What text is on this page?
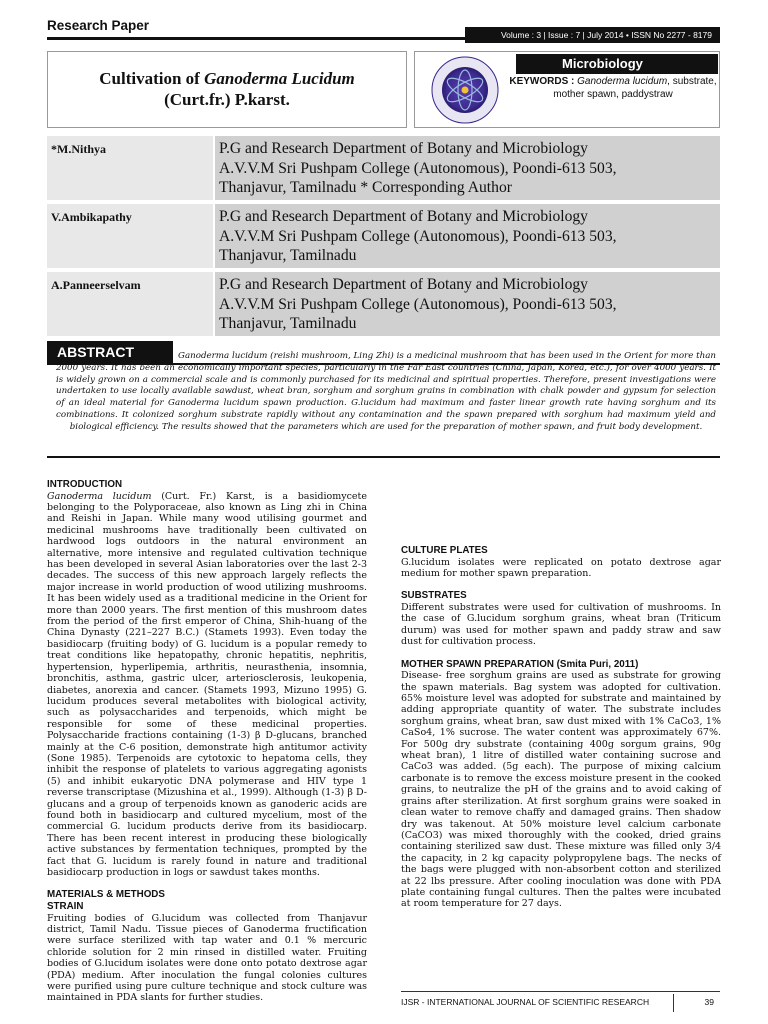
Research Paper
Volume : 3 | Issue : 7 | July 2014 • ISSN No 2277 - 8179
Cultivation of Ganoderma Lucidum
(Curt.fr.) P.karst.
Microbiology
KEYWORDS : Ganoderma lucidum, substrate, mother spawn, paddystraw
*M.Nithya	P.G and Research Department of Botany and Microbiology
A.V.V.M Sri Pushpam College (Autonomous), Poondi-613 503,
Thanjavur, Tamilnadu * Corresponding Author
V.Ambikapathy	P.G and Research Department of Botany and Microbiology
A.V.V.M Sri Pushpam College (Autonomous), Poondi-613 503,
Thanjavur, Tamilnadu
A.Panneerselvam	P.G and Research Department of Botany and Microbiology
A.V.V.M Sri Pushpam College (Autonomous), Poondi-613 503,
Thanjavur, Tamilnadu
ABSTRACT	Ganoderma lucidum (reishi mushroom, Ling Zhi) is a medicinal mushroom that has been used in the Orient for more than 2000 years. It has been an economically important species, particularly in the Far East countries (China, Japan, Korea, etc.), for over 4000 years. It is widely grown on a commercial scale and is commonly purchased for its medicinal and spiritual properties. Therefore, present investigations were undertaken to use locally available sawdust, wheat bran, sorghum and sorghum grains in combination with chalk powder and gypsum for selection of an ideal material for Ganoderma lucidum spawn production. G.lucidum had maximum and faster linear growth rate having sorghum and its combinations. It colonized sorghum substrate rapidly without any contamination and the spawn prepared with sorghum had maximum yield and biological efficiency. The results showed that the parameters which are used for the preparation of mother spawn, and fruit body development.
INTRODUCTION

Ganoderma lucidum (Curt. Fr.) Karst, is a basidiomycete belonging to the Polyporaceae, also known as Ling zhi in China and Reishi in Japan. While many wood utilising gourmet and medicinal mushrooms have traditionally been cultivated on hardwood logs outdoors in the natural environment an alternative, more intensive and regulated cultivation technique has been developed in several Asian laboratories over the last 2-3 decades. The success of this new approach largely reflects the major increase in world production of wood utilizing mushrooms. It has been widely used as a traditional medicine in the Orient for more than 2000 years. The first mention of this mushroom dates from the period of the first emperor of China, Shih-huang of the China Dynasty (221–227 B.C.) (Stamets 1993). Even today the basidiocarp (fruiting body) of G. lucidum is a popular remedy to treat conditions like hepatopathy, chronic hepatitis, nephritis, hypertension, hyperlipemia, arthritis, neurasthenia, insomnia, bronchitis, asthma, gastric ulcer, arteriosclerosis, leukopenia, diabetes, anorexia and cancer. (Stamets 1993, Mizuno 1995) G. lucidum produces several metabolites with biological activity, such as polysaccharides and terpenoids, which might be responsible for some of these medicinal properties. Polysaccharide fractions containing (1-3) β D-glucans, branched mainly at the C-6 position, demonstrate high antitumor activity (Sone 1985). Terpenoids are cytotoxic to hepatoma cells, they inhibit the response of platelets to various aggregating agonists (5) and inhibit eukaryotic DNA polymerase and HIV type 1 reverse transcriptase (Mizushina et al., 1999). Although (1-3) β D-glucans and a group of terpenoids known as ganoderic acids are found both in basidiocarp and cultured mycelium, most of the commercial G. lucidum products derive from its basidiocarp. There has been recent interest in producing these biologically active substances by fermentation techniques, prompted by the fact that G. lucidum is rarely found in nature and traditional basidiocarp production in logs or sawdust takes months.

MATERIALS & METHODS
STRAIN

Fruiting bodies of G.lucidum was collected from Thanjavur district, Tamil Nadu. Tissue pieces of Ganoderma fructification were surface sterilized with tap water and 0.1 % mercuric chloride solution for 2 min rinsed in distilled water. Fruiting bodies of G.lucidum isolates were done onto potato dextrose agar (PDA) medium. After inoculation the fungal colonies cultures were purified using pure culture technique and stock culture was maintained in PDA slants for further studies.

CULTURE PLATES

G.lucidum isolates were replicated on potato dextrose agar medium for mother spawn preparation.

SUBSTRATES

Different substrates were used for cultivation of mushrooms. In the case of G.lucidum sorghum grains, wheat bran (Triticum durum) was used for mother spawn and paddy straw and saw dust for cultivation process.

MOTHER SPAWN PREPARATION (Smita Puri, 2011)

Disease- free sorghum grains are used as substrate for growing the spawn materials. Bag system was adopted for cultivation. 65% moisture level was adopted for substrate and maintained by adding appropriate quantity of water. The substrate includes sorghum grains, wheat bran, saw dust mixed with 1% CaCo3, 1% CaSo4, 1% sucrose. The water content was approximately 67%. For 500g dry substrate (containing 400g sorgum grains, 90g wheat bran), 1 litre of distilled water containing sucrose and CaCo3 was added. (5g each). The purpose of mixing calcium carbonate is to remove the excess moisture present in the cooked grains, to neutralize the pH of the grains and to avoid caking of grains after sterilization. At first sorghum grains were soaked in clean water to remove chaffy and damaged grains. Then shadow dry was takenout. At 50% moisture level calcium carbonate (CaCO3) was mixed thoroughly with the cooked, dried grains containing sterilized saw dust. These mixture was filled only 3/4 the capacity, in 2 kg capacity polypropylene bags. The necks of the bags were plugged with non-absorbent cotton and sterilized at 22 lbs pressure. After cooling inoculation was done with PDA plate containing fungal cultures. Then the paltes were incubated at room temperature for 27 days.

IJSR - INTERNATIONAL JOURNAL OF SCIENTIFIC RESEARCH	39
